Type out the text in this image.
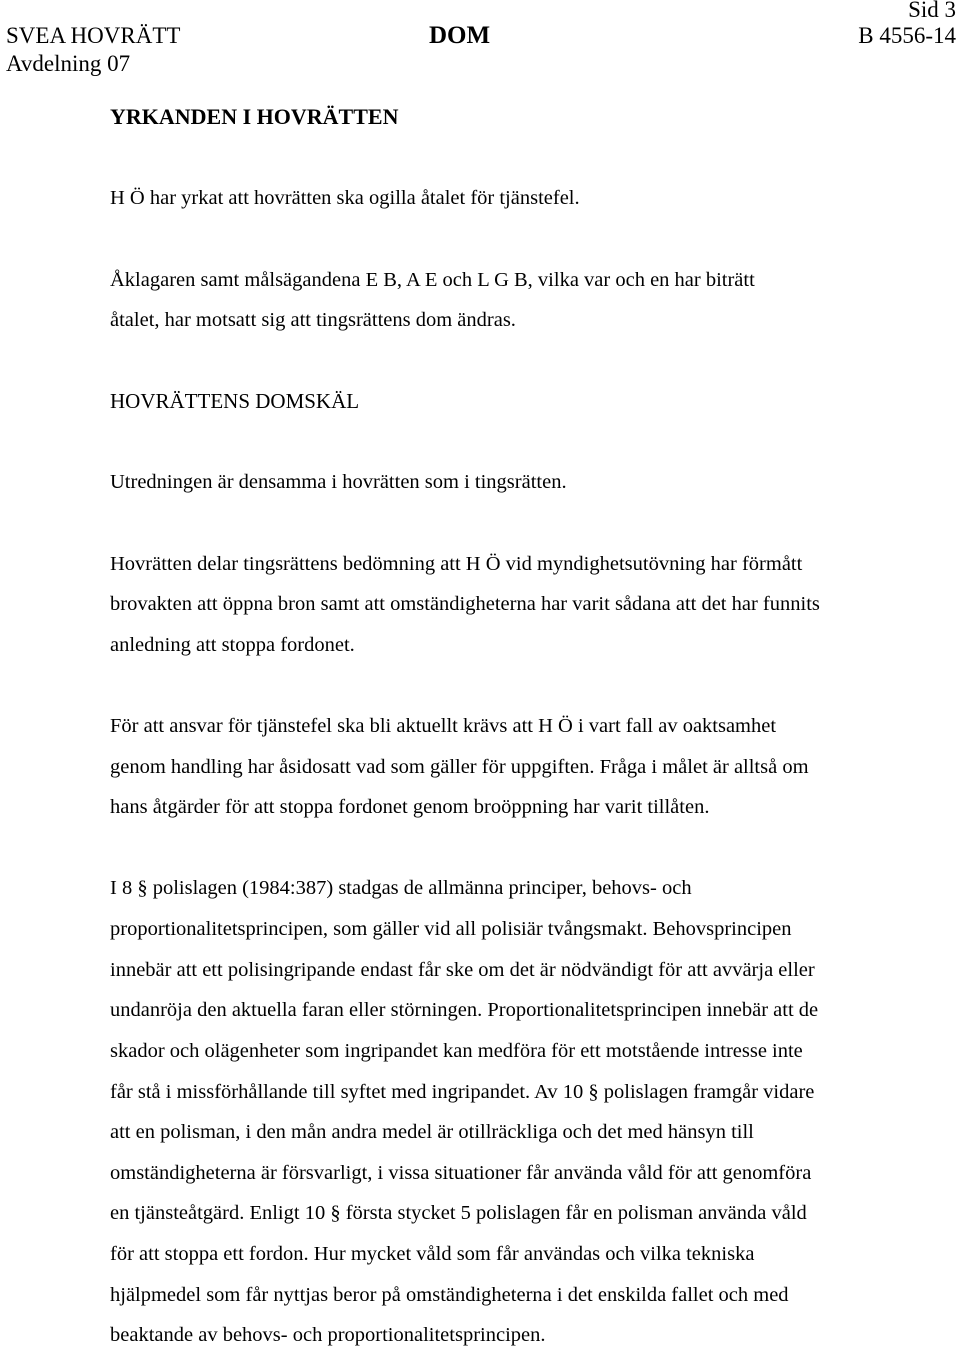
SVEA HOVRÄTT
Avdelning 07
DOM
Sid 3
B 4556-14
YRKANDEN I HOVRÄTTEN
H Ö har yrkat att hovrätten ska ogilla åtalet för tjänstefel.
Åklagaren samt målsägandena E B, A E och L G B, vilka var och en har biträtt
åtalet, har motsatt sig att tingsrättens dom ändras.
HOVRÄTTENS DOMSKÄL
Utredningen är densamma i hovrätten som i tingsrätten.
Hovrätten delar tingsrättens bedömning att H Ö vid myndighetsutövning har förmått
brovakten att öppna bron samt att omständigheterna har varit sådana att det har funnits
anledning att stoppa fordonet.
För att ansvar för tjänstefel ska bli aktuellt krävs att H Ö i vart fall av oaktsamhet
genom handling har åsidosatt vad som gäller för uppgiften. Fråga i målet är alltså om
hans åtgärder för att stoppa fordonet genom broöppning har varit tillåten.
I 8 § polislagen (1984:387) stadgas de allmänna principer, behovs- och
proportionalitetsprincipen, som gäller vid all polisiär tvångsmakt. Behovsprincipen
innebär att ett polisingripande endast får ske om det är nödvändigt för att avvärja eller
undanröja den aktuella faran eller störningen. Proportionalitetsprincipen innebär att de
skador och olägenheter som ingripandet kan medföra för ett motstående intresse inte
får stå i missförhållande till syftet med ingripandet. Av 10 § polislagen framgår vidare
att en polisman, i den mån andra medel är otillräckliga och det med hänsyn till
omständigheterna är försvarligt, i vissa situationer får använda våld för att genomföra
en tjänsteåtgärd. Enligt 10 § första stycket 5 polislagen får en polisman använda våld
för att stoppa ett fordon. Hur mycket våld som får användas och vilka tekniska
hjälpmedel som får nyttjas beror på omständigheterna i det enskilda fallet och med
beaktande av behovs- och proportionalitetsprincipen.
